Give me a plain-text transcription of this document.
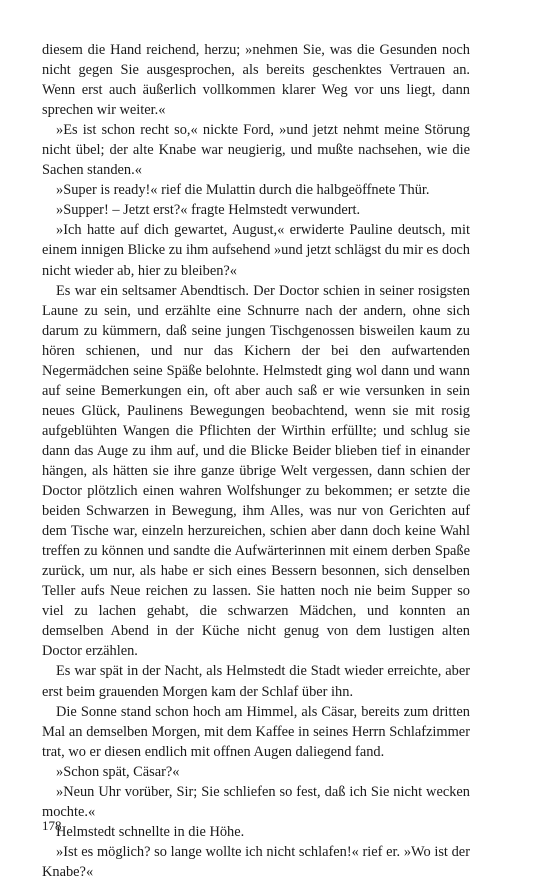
diesem die Hand reichend, herzu; »nehmen Sie, was die Gesunden noch nicht gegen Sie ausgesprochen, als bereits geschenktes Vertrauen an. Wenn erst auch äußerlich vollkommen klarer Weg vor uns liegt, dann sprechen wir weiter.«

»Es ist schon recht so,« nickte Ford, »und jetzt nehmt meine Störung nicht übel; der alte Knabe war neugierig, und mußte nachsehen, wie die Sachen standen.«

»Super is ready!« rief die Mulattin durch die halbgeöffnete Thür.

»Supper! – Jetzt erst?« fragte Helmstedt verwundert.

»Ich hatte auf dich gewartet, August,« erwiderte Pauline deutsch, mit einem innigen Blicke zu ihm aufsehend »und jetzt schlägst du mir es doch nicht wieder ab, hier zu bleiben?«

Es war ein seltsamer Abendtisch. Der Doctor schien in seiner rosigsten Laune zu sein, und erzählte eine Schnurre nach der andern, ohne sich darum zu kümmern, daß seine jungen Tischgenossen bisweilen kaum zu hören schienen, und nur das Kichern der bei den aufwartenden Negermädchen seine Späße belohnte. Helmstedt ging wol dann und wann auf seine Bemerkungen ein, oft aber auch saß er wie versunken in sein neues Glück, Paulinens Bewegungen beobachtend, wenn sie mit rosig aufgeblühten Wangen die Pflichten der Wirthin erfüllte; und schlug sie dann das Auge zu ihm auf, und die Blicke Beider blieben tief in einander hängen, als hätten sie ihre ganze übrige Welt vergessen, dann schien der Doctor plötzlich einen wahren Wolfshunger zu bekommen; er setzte die beiden Schwarzen in Bewegung, ihm Alles, was nur von Gerichten auf dem Tische war, einzeln herzureichen, schien aber dann doch keine Wahl treffen zu können und sandte die Aufwärterinnen mit einem derben Spaße zurück, um nur, als habe er sich eines Bessern besonnen, sich denselben Teller aufs Neue reichen zu lassen. Sie hatten noch nie beim Supper so viel zu lachen gehabt, die schwarzen Mädchen, und konnten an demselben Abend in der Küche nicht genug von dem lustigen alten Doctor erzählen.

Es war spät in der Nacht, als Helmstedt die Stadt wieder erreichte, aber erst beim grauenden Morgen kam der Schlaf über ihn.

Die Sonne stand schon hoch am Himmel, als Cäsar, bereits zum dritten Mal an demselben Morgen, mit dem Kaffee in seines Herrn Schlafzimmer trat, wo er diesen endlich mit offnen Augen daliegend fand.

»Schon spät, Cäsar?«

»Neun Uhr vorüber, Sir; Sie schliefen so fest, daß ich Sie nicht wecken mochte.«

Helmstedt schnellte in die Höhe.

»Ist es möglich? so lange wollte ich nicht schlafen!« rief er. »Wo ist der Knabe?«

178
